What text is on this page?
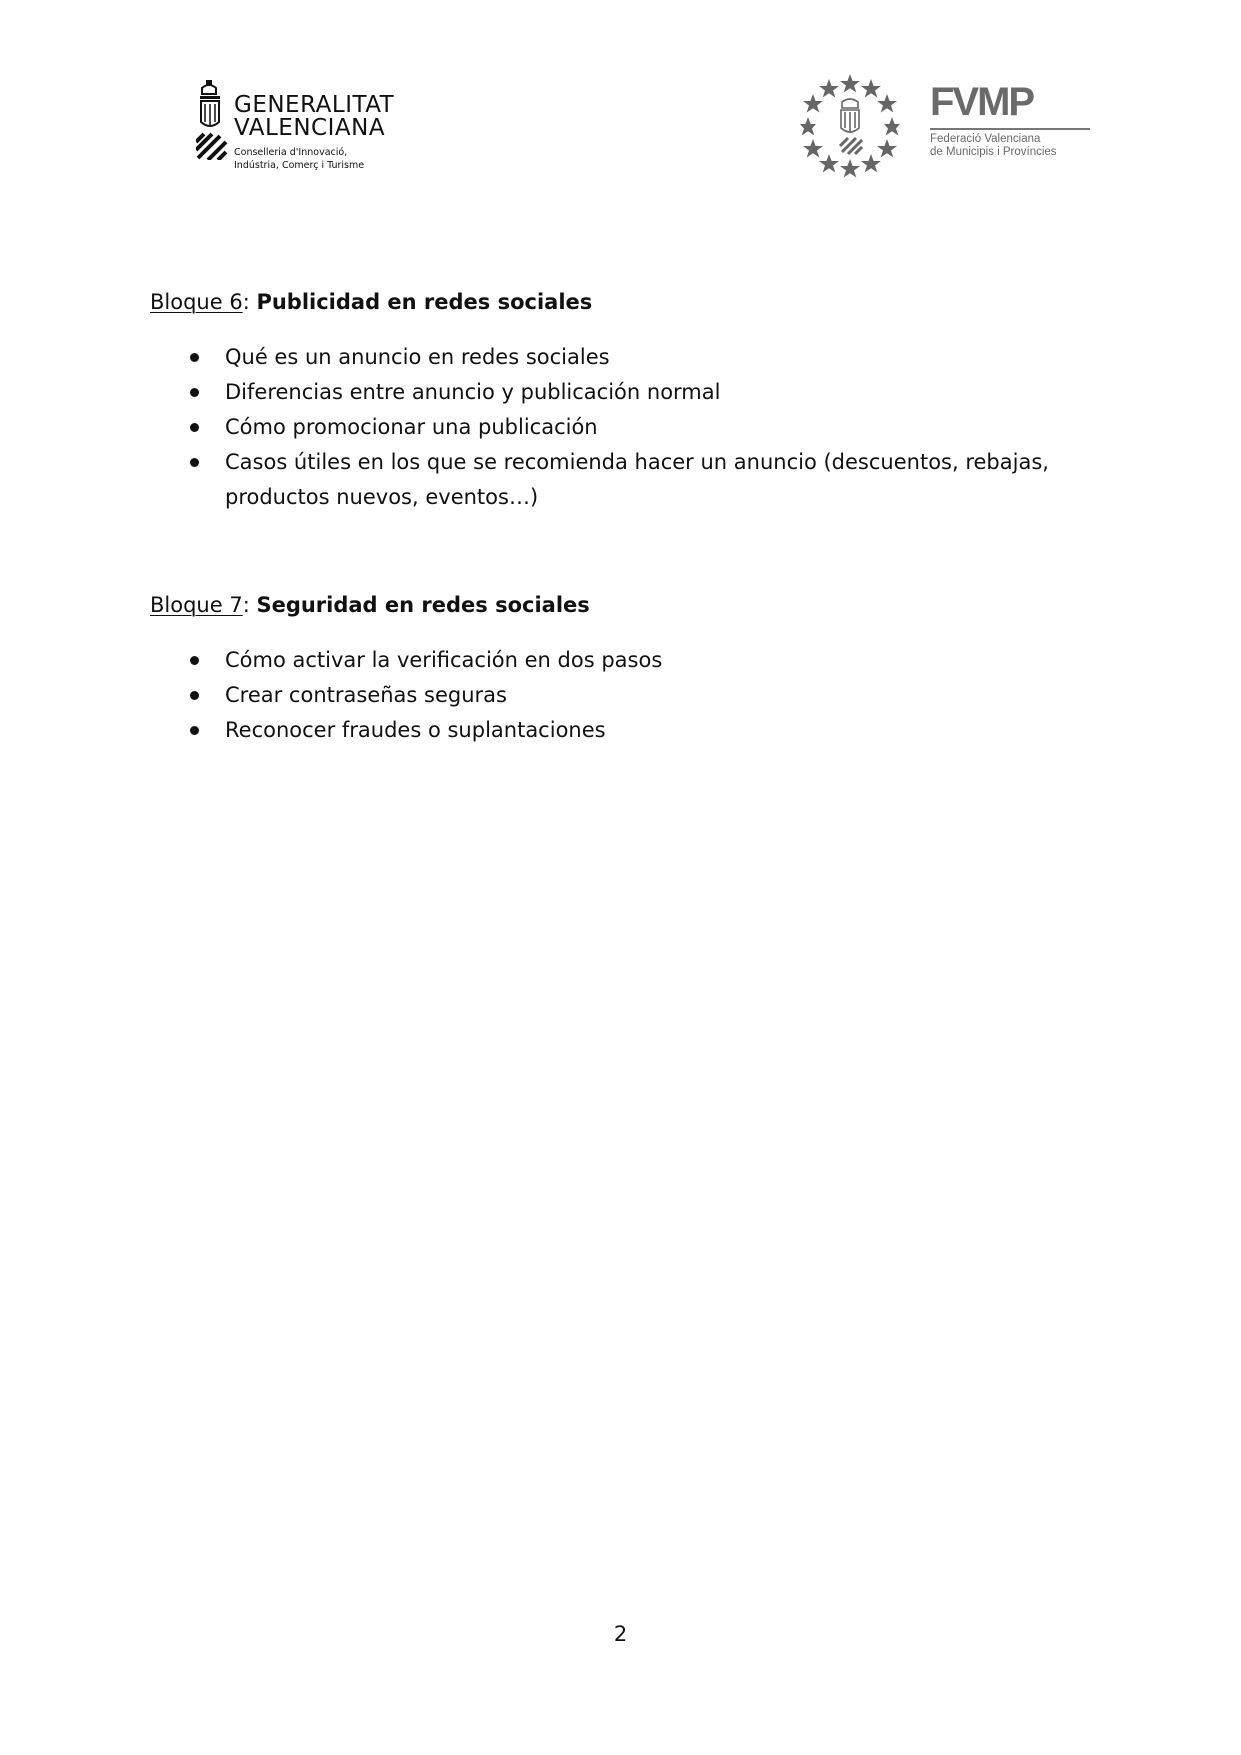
GENERALITAT
VALENCIANA
Conselleria d'Innovació,
Indústria, Comerç i Turisme
FVMP
Federació Valenciana
de Municipis i Províncies
Bloque 6: Publicidad en redes sociales
Qué es un anuncio en redes sociales
Diferencias entre anuncio y publicación normal
Cómo promocionar una publicación
Casos útiles en los que se recomienda hacer un anuncio (descuentos, rebajas, productos nuevos, eventos…)
Bloque 7: Seguridad en redes sociales
Cómo activar la verificación en dos pasos
Crear contraseñas seguras
Reconocer fraudes o suplantaciones
2
